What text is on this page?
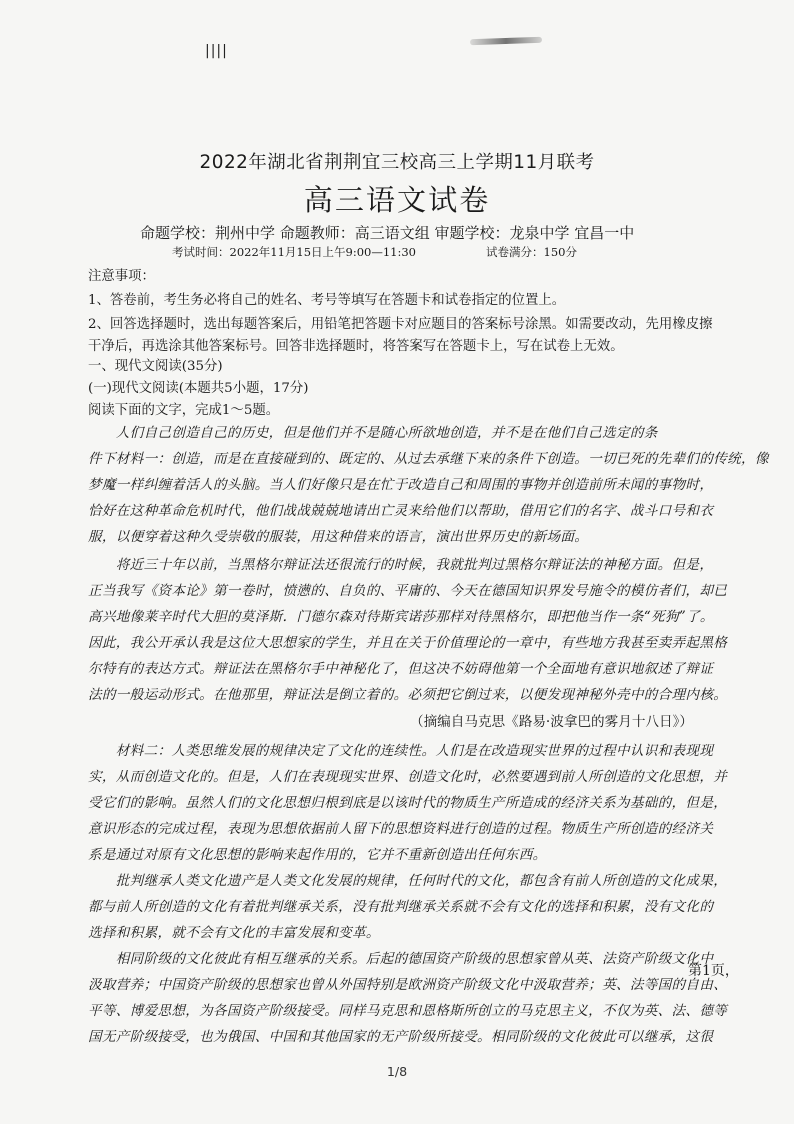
||||
2022年湖北省荆荆宜三校高三上学期11月联考
高三语文试卷
命题学校：荆州中学 命题教师：高三语文组 审题学校：龙泉中学 宜昌一中
考试时间：2022年11月15日上午9:00—11:30	试卷满分：150分
注意事项：
1、答卷前，考生务必将自己的姓名、考号等填写在答题卡和试卷指定的位置上。
2、回答选择题时，选出每题答案后，用铅笔把答题卡对应题目的答案标号涂黑。如需要改动，先用橡皮擦
干净后，再选涂其他答案标号。回答非选择题时，将答案写在答题卡上，写在试卷上无效。
一、现代文阅读(35分)
(一)现代文阅读(本题共5小题，17分)
阅读下面的文字，完成1～5题。
　　人们自己创造自己的历史，但是他们并不是随心所欲地创造，并不是在他们自己选定的条
件下材料一：创造，而是在直接碰到的、既定的、从过去承继下来的条件下创造。一切已死的先辈们的传统，像
梦魔一样纠缠着活人的头脑。当人们好像只是在忙于改造自己和周围的事物并创造前所未闻的事物时，
恰好在这种革命危机时代，他们战战兢兢地请出亡灵来给他们以帮助，借用它们的名字、战斗口号和衣
服，以便穿着这种久受崇敬的服装，用这种借来的语言，演出世界历史的新场面。
　　将近三十年以前，当黑格尔辩证法还很流行的时候，我就批判过黑格尔辩证法的神秘方面。但是，
正当我写《资本论》第一卷时，愤懑的、自负的、平庸的、今天在德国知识界发号施令的模仿者们，却已
高兴地像莱辛时代大胆的莫泽斯．门德尔森对待斯宾诺莎那样对待黑格尔，即把他当作一条“死狗”了。
因此，我公开承认我是这位大思想家的学生，并且在关于价值理论的一章中，有些地方我甚至卖弄起黑格
尔特有的表达方式。辩证法在黑格尔手中神秘化了，但这决不妨碍他第一个全面地有意识地叙述了辩证
法的一般运动形式。在他那里，辩证法是倒立着的。必须把它倒过来，以便发现神秘外壳中的合理内核。
（摘编自马克思《路易·波拿巴的雾月十八日》）
　　材料二：人类思维发展的规律决定了文化的连续性。人们是在改造现实世界的过程中认识和表现现
实，从而创造文化的。但是，人们在表现现实世界、创造文化时，必然要遇到前人所创造的文化思想，并
受它们的影响。虽然人们的文化思想归根到底是以该时代的物质生产所造成的经济关系为基础的，但是，
意识形态的完成过程，表现为思想依据前人留下的思想资料进行创造的过程。物质生产所创造的经济关
系是通过对原有文化思想的影响来起作用的，它并不重新创造出任何东西。
　　批判继承人类文化遗产是人类文化发展的规律，任何时代的文化，都包含有前人所创造的文化成果，
都与前人所创造的文化有着批判继承关系，没有批判继承关系就不会有文化的选择和积累，没有文化的
选择和积累，就不会有文化的丰富发展和变革。
　　相同阶级的文化彼此有相互继承的关系。后起的德国资产阶级的思想家曾从英、法资产阶级文化中
汲取营养；中国资产阶级的思想家也曾从外国特别是欧洲资产阶级文化中汲取营养；英、法等国的自由、
平等、博爱思想，为各国资产阶级接受。同样马克思和恩格斯所创立的马克思主义，不仅为英、法、德等
国无产阶级接受，也为俄国、中国和其他国家的无产阶级所接受。相同阶级的文化彼此可以继承，这很
第1页，
1/8
